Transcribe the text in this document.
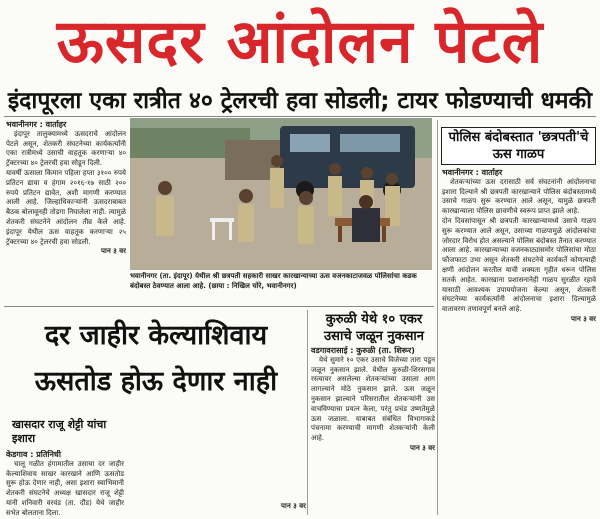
ऊसदर आंदोलन पेटले
इंदापूरला एका रात्रीत ४० ट्रेलरची हवा सोडली; टायर फोडण्याची धमकी
भवानीनगर : वार्ताहर

इंदापूर तालुक्यामध्ये ऊसदराचे आंदोलन पेटले असून, शेतकरी संघटनेच्या कार्यकर्त्यांनी एका रात्रीमध्ये उसाची वाहतूक करणाऱ्या ४० ट्रॅक्टरच्या ४० ट्रेलरची हवा सोडून दिली.
यावर्षी ऊसाला किमान पहिला हप्ता ३१०० रुपये प्रतिटन द्यावा व हंगाम २०१६-१७ साठी २०० रुपये प्रतिटन द्यावेत, अशी मागणी करण्यात आली आहे. जिल्हाधिकाऱ्यांनी ऊसदराबाबत बैठक बोलावूनही तोडगा निघालेला नाही. त्यामुळे शेतकरी संघटनेने आंदोलन तीव्र केले आहे. इंदापूर येथील ऊस वाहतूक करणाऱ्या २५ ट्रॅक्टरच्या ४० ट्रेलरची हवा सोडली.

पान ३ वर
भवानीनगर (ता. इंदापूर) येथील श्री छत्रपती सहकारी साखर कारखान्याच्या ऊस वजनकाटाजवळ पोलिसांचा कडक बंदोबस्त ठेवण्यात आला आहे. (छाया : निखिल चोरे, भवानीनगर)
पोलिस बंदोबस्तात 'छत्रपती'चे ऊस गाळप
भवानीनगर : वार्ताहर

शेतकऱ्यांच्या ऊस दरासाठी सर्व संघटनांनी आंदोलनाचा इशारा दिल्याने श्री छत्रपती कारखान्याने पोलिस बंदोबस्तामध्ये उसाचे गाळप सुरू करण्यात आले असून, यामुळे छत्रपती कारखान्याला पोलिस छावणीचे स्वरूप प्राप्त झाले आहे.
दोन दिवसांपासून श्री छत्रपती कारखान्यामध्ये उसाचे गाळप सुरू करण्यात आले असून, उसाच्या गाळपामुळे आंदोलकांचा जोरदार विरोध होत असल्याने पोलिस बंदोबस्त तैनात करण्यात आला आहे. कारखान्याच्या वजनकाट्यासमोर पोलिसांचा मोठा फौजफाटा उभा असून शेतकरी संघटनेचे कार्यकर्ते कोणत्याही क्षणी आंदोलन करतील याची शक्यता गृहीत धरून पोलिस सतर्क आहेत. कारखाना प्रशासनानेही गाळप सुरळीत रहावे यासाठी आवश्यक उपाययोजना केल्या असून, शेतकरी संघटनेच्या कार्यकर्त्यांनी आंदोलनाचा इशारा दिल्यामुळे वातावरण तणावपूर्ण बनले आहे.

पान ३ वर
दर जाहीर केल्याशिवाय ऊसतोड होऊ देणार नाही
खासदार राजू शेट्टी यांचा इशारा
केडगाव : प्रतिनिधी

चालू गळीत हंगामातील उसाचा दर जाहीर केल्याशिवाय साखर कारखाने आणि ऊसतोड सुरू होऊ देणार नाही, असा इशारा स्वाभिमानी शेतकरी संघटनेचे अध्यक्ष खासदार राजू शेट्टी यांनी शनिवारी वरवंड (ता. दौंड) येथे जाहीर सभेत बोलताना दिला.

पान ३ वर
कुरुळी येथे १० एकर उसाचे जळून नुकसान
वडगावरासाई : कुरुळी (ता. शिरूर)

येथे सुमारे १० एकर उसाचे विजेच्या तारा पडून जळून नुकसान झाले. येथील कुरुळी-शिरसगाव रस्त्यावर असलेल्या शेतकऱ्यांच्या उसाला आग लागल्याने मोठे नुकसान झाले. ऊस जळून नुकसान झाल्याने परिसरातील शेतकऱ्यांनी उस वाचविण्याचा प्रयत्न केला, परंतु प्रचंड उष्णतेमुळे ऊस जळाला. याबाबत संबंधित विभागाकडे पंचनामा करण्याची मागणी शेतकऱ्यांनी केली आहे.

पान ३ वर
